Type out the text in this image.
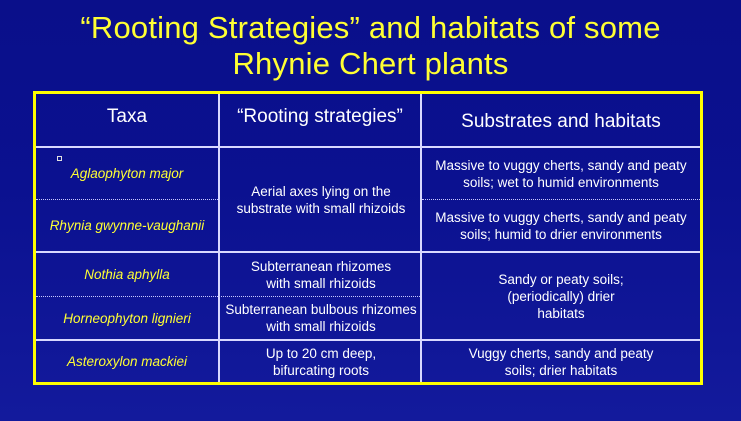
“Rooting Strategies” and habitats of some
Rhynie Chert plants
Taxa	“Rooting strategies”	Substrates and habitats
Aglaophyton major
Rhynia gwynne-vaughanii
Nothia aphylla
Horneophyton lignieri
Asteroxylon mackiei
Aerial axes lying on the substrate with small rhizoids
Subterranean rhizomes with small rhizoids
Subterranean bulbous rhizomes with small rhizoids
Up to 20 cm deep, bifurcating roots
Massive to vuggy cherts, sandy and peaty soils; wet to humid environments
Massive to vuggy cherts, sandy and peaty soils; humid to drier environments
Sandy or peaty soils; (periodically) drier habitats
Vuggy cherts, sandy and peaty soils; drier habitats
